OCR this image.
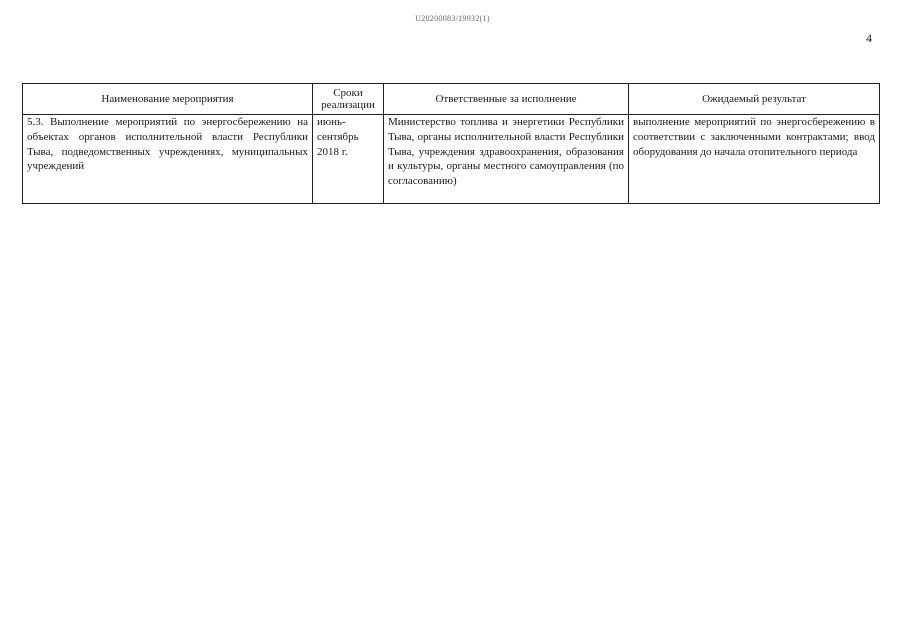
U20200083/19932(1)
4
Наименование мероприятия	Сроки реализации	Ответственные за исполнение	Ожидаемый результат
5.3. Выполнение мероприятий по энергосбережению на объектах органов исполнительной власти Республики Тыва, подведомственных учреждениях, муниципальных учреждений	июнь-сентябрь 2018 г.	Министерство топлива и энергетики Республики Тыва, органы исполнительной власти Республики Тыва, учреждения здравоохранения, образования и культуры, органы местного самоуправления (по согласованию)	выполнение мероприятий по энергосбережению в соответствии с заключенными контрактами; ввод оборудования до начала отопительного периода
